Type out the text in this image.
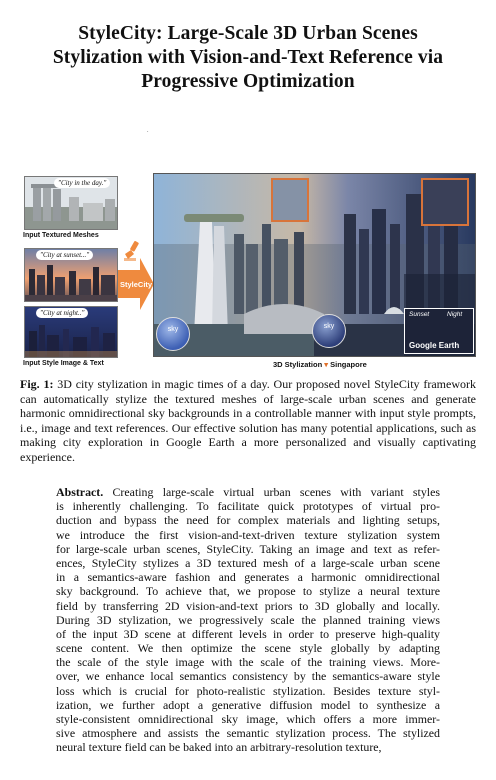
StyleCity: Large-Scale 3D Urban Scenes
Stylization with Vision-and-Text Reference via
Progressive Optimization
.
"City in the day."
Input Textured Meshes
"City at sunset..."
"City at night.."
Input Style Image & Text
StyleCity
sky	sky
Sunset	Night
Google Earth
3D Stylization ▾ Singapore
Fig. 1: 3D city stylization in magic times of a day. Our proposed novel StyleCity framework can automatically stylize the textured meshes of large-scale urban scenes and generate harmonic omnidirectional sky backgrounds in a controllable manner with input style prompts, i.e., image and text references. Our effective solution has many potential applications, such as making city exploration in Google Earth a more personalized and visually captivating experience.
Abstract. Creating large-scale virtual urban scenes with variant styles
is inherently challenging. To facilitate quick prototypes of virtual pro-
duction and bypass the need for complex materials and lighting setups,
we introduce the first vision-and-text-driven texture stylization system
for large-scale urban scenes, StyleCity. Taking an image and text as refer-
ences, StyleCity stylizes a 3D textured mesh of a large-scale urban scene
in a semantics-aware fashion and generates a harmonic omnidirectional
sky background. To achieve that, we propose to stylize a neural texture
field by transferring 2D vision-and-text priors to 3D globally and locally.
During 3D stylization, we progressively scale the planned training views
of the input 3D scene at different levels in order to preserve high-quality
scene content. We then optimize the scene style globally by adapting
the scale of the style image with the scale of the training views. More-
over, we enhance local semantics consistency by the semantics-aware style
loss which is crucial for photo-realistic stylization. Besides texture styl-
ization, we further adopt a generative diffusion model to synthesize a
style-consistent omnidirectional sky image, which offers a more immer-
sive atmosphere and assists the semantic stylization process. The stylized
neural texture field can be baked into an arbitrary-resolution texture,
